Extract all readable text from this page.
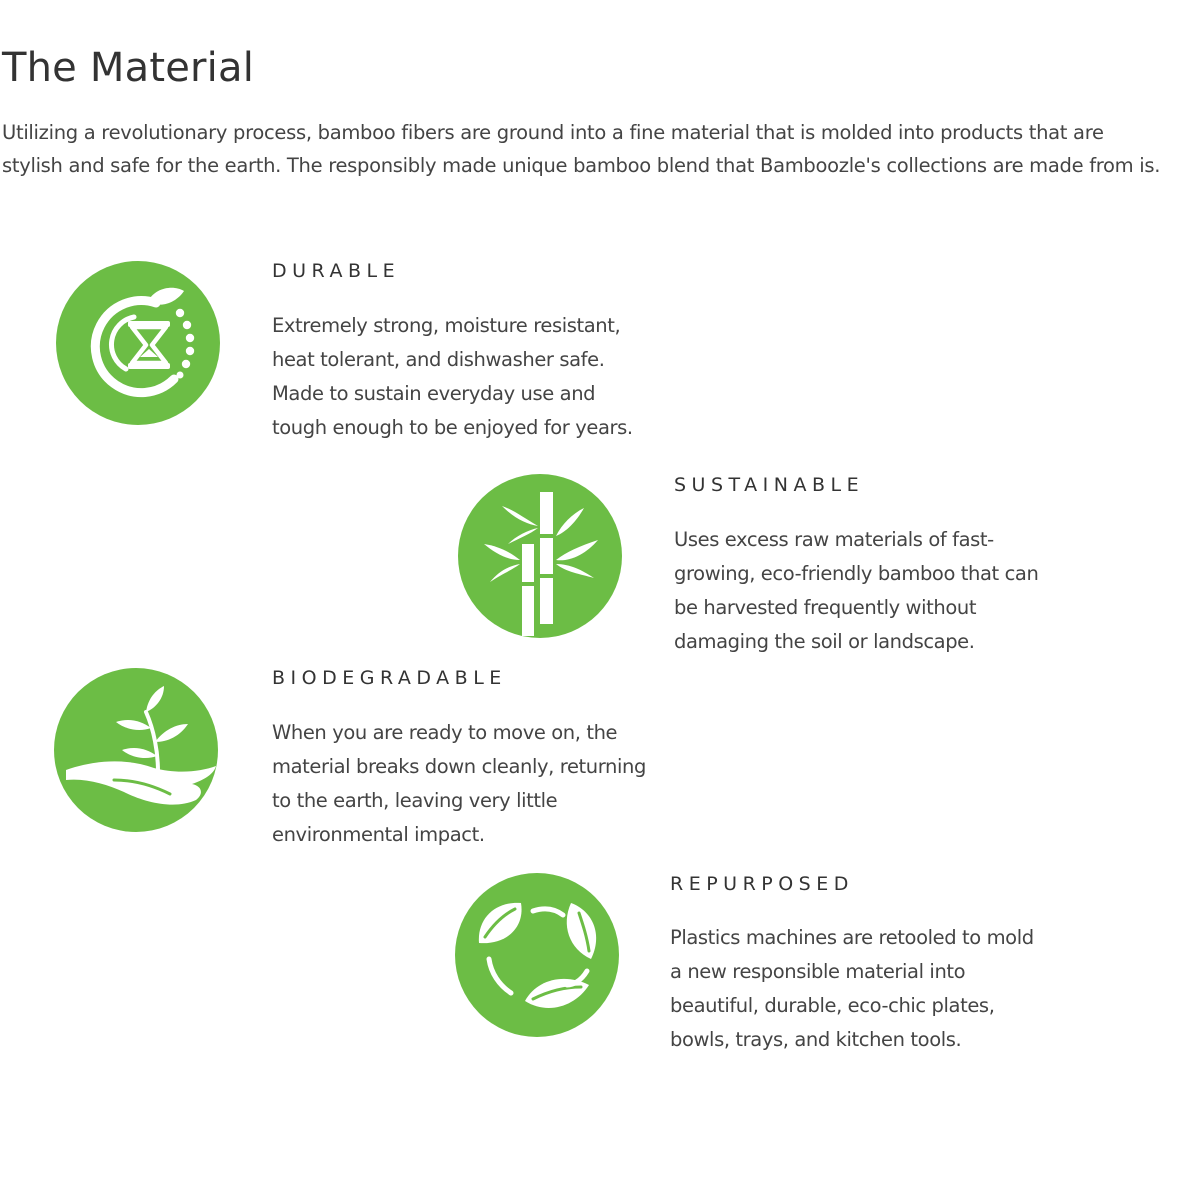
The Material

Utilizing a revolutionary process, bamboo fibers are ground into a fine material that is molded into products that are
stylish and safe for the earth. The responsibly made unique bamboo blend that Bamboozle's collections are made from is.

DURABLE

Extremely strong, moisture resistant,
heat tolerant, and dishwasher safe.
Made to sustain everyday use and
tough enough to be enjoyed for years.

SUSTAINABLE

Uses excess raw materials of fast-
growing, eco-friendly bamboo that can
be harvested frequently without
damaging the soil or landscape.

BIODEGRADABLE

When you are ready to move on, the
material breaks down cleanly, returning
to the earth, leaving very little
environmental impact.

REPURPOSED

Plastics machines are retooled to mold
a new responsible material into
beautiful, durable, eco-chic plates,
bowls, trays, and kitchen tools.
